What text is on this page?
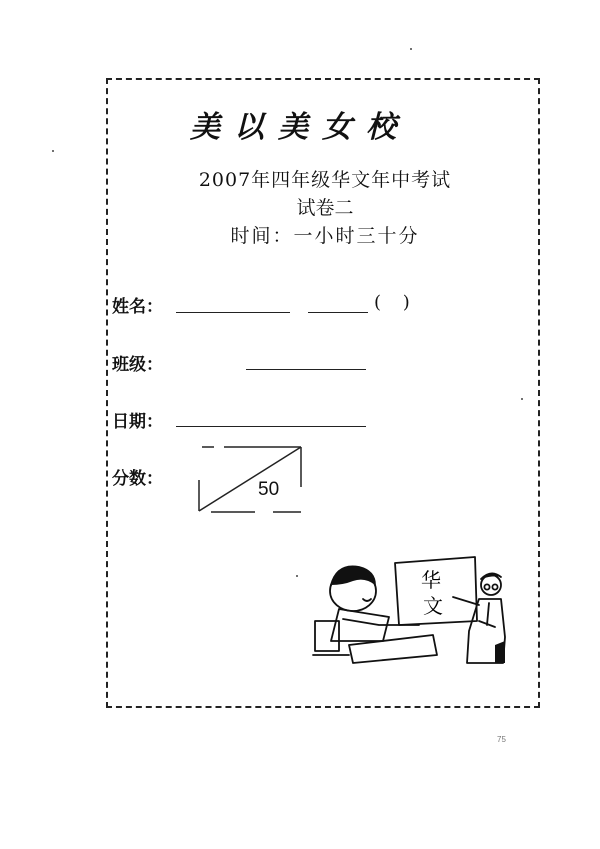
美以美女校
2007年四年级华文年中考试
试卷二
时间：一小时三十分
姓名：	( )
班级：
日期：
分数：	50
华
文
75
